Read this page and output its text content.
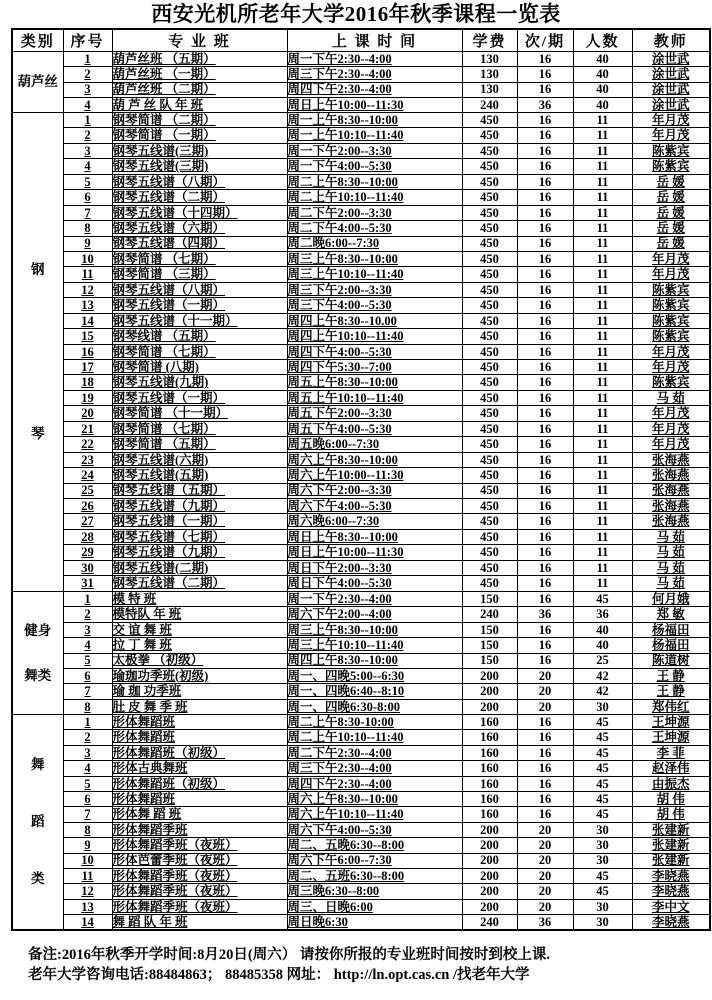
西安光机所老年大学2016年秋季课程一览表
类别	序号	专 业 班	上 课 时 间	学费	次/期	人数	教师

葫芦丝	1	葫芦丝班 （五期）	周一下午2:30--4:00	130	16	40	涂世武
	2	葫芦丝班 （一期）	周三下午2:30--4:00	130	16	40	涂世武
	3	葫芦丝班 （二期）	周四下午2:30--4:00	130	16	40	涂世武
	4	葫 芦 丝 队 年 班	周日上午10:00--11:30	240	36	40	涂世武

钢
琴	1	钢琴简谱 （二期）	周一上午8:30--10:00	450	16	11	年月茂
	2	钢琴简谱 （一期）	周一上午10:10--11:40	450	16	11	年月茂
	3	钢琴五线谱(三期)	周一下午2:00--3:30	450	16	11	陈紫宾
	4	钢琴五线谱(三期)	周一下午4:00--5:30	450	16	11	陈紫宾
	5	钢琴五线谱（八期）	周二上午8:30--10:00	450	16	11	岳 媛
	6	钢琴五线谱（二期）	周二上午10:10--11:40	450	16	11	岳 媛
	7	钢琴五线谱（十四期）	周二下午2:00--3:30	450	16	11	岳 媛
	8	钢琴五线谱（六期）	周二下午4:00--5:30	450	16	11	岳 媛
	9	钢琴五线谱（四期）	周二晚6:00--7:30	450	16	11	岳 媛
	10	钢琴简谱 （七期）	周三上午8:30--10:00	450	16	11	年月茂
	11	钢琴简谱 （三期）	周三上午10:10--11:40	450	16	11	年月茂
	12	钢琴五线谱（八期）	周三下午2:00--3:30	450	16	11	陈紫宾
	13	钢琴五线谱（一期）	周三下午4:00--5:30	450	16	11	陈紫宾
	14	钢琴五线谱（十一期）	周四上午8:30--10.00	450	16	11	陈紫宾
	15	钢琴线谱 （五期）	周四上午10:10--11:40	450	16	11	陈紫宾
	16	钢琴简谱 （七期）	周四下午4:00--5:30	450	16	11	年月茂
	17	钢琴简谱 (八期)	周四下午5:30--7:00	450	16	11	年月茂
	18	钢琴五线谱(九期)	周五上午8:30--10:00	450	16	11	陈紫宾
	19	钢琴五线谱（一期）	周五上午10:10--11:40	450	16	11	马 茹
	20	钢琴简谱 （十一期）	周五下午2:00--3:30	450	16	11	年月茂
	21	钢琴简谱 （七期）	周五下午4:00--5:30	450	16	11	年月茂
	22	钢琴简谱 （五期）	周五晚6:00--7:30	450	16	11	年月茂
	23	钢琴五线谱(六期)	周六上午8:30--10:00	450	16	11	张海燕
	24	钢琴五线谱(五期)	周六上午10:00--11:30	450	16	11	张海燕
	25	钢琴五线谱（五期）	周六下午2:00--3:30	450	16	11	张海燕
	26	钢琴五线谱（九期）	周六下午4:00--5:30	450	16	11	张海燕
	27	钢琴五线谱（一期）	周六晚6:00--7:30	450	16	11	张海燕
	28	钢琴五线谱（七期）	周日上午8:30--10:00	450	16	11	马 茹
	29	钢琴五线谱（九期）	周日上午10:00--11:30	450	16	11	马 茹
	30	钢琴五线谱(二期)	周日下午2:00--3:30	450	16	11	马 茹
	31	钢琴五线谱（二期）	周日下午4:00--5:30	450	16	11	马 茹

健身
舞类	1	模 特 班	周一下午2:30--4:00	150	16	45	何月娥
	2	模特队 年 班	周六下午2:00--4:00	240	36	36	郑 敏
	3	交 谊 舞 班	周三上午8:30--10:00	150	16	40	杨福田
	4	拉 丁 舞 班	周三上午10:10--11:40	150	16	40	杨福田
	5	太极拳 （初级）	周四上午8:30--10:00	150	16	25	陈道树
	6	瑜珈功季班(初级)	周一、四晚5:00--6:30	200	20	42	王 静
	7	瑜 珈 功季班	周一、四晚6:40--8:10	200	20	42	王 静
	8	肚 皮 舞 季 班	周一、四晚6:30-8:00	200	20	30	郑伟红

舞
蹈
类	1	形体舞蹈班	周二上午8:30-10:00	160	16	45	王坤源
	2	形体舞蹈班	周二上午10:10--11:40	160	16	45	王坤源
	3	形体舞蹈班（初级）	周二下午2:30--4:00	160	16	45	李 菲
	4	形体古典舞班	周三下午2:30--4:00	160	16	45	赵泽伟
	5	形体舞蹈班（初级）	周四下午2:30--4:00	160	16	45	由振杰
	6	形体舞蹈班	周六上午8:30--10:00	160	16	45	胡 伟
	7	形体舞 蹈 班	周六上午10:10--11:40	160	16	45	胡 伟
	8	形体舞蹈季班	周六下午4:00--5:30	200	20	30	张建新
	9	形体舞蹈季班（夜班）	周二、五晚6:30--8:00	200	20	30	张建新
	10	形体芭蕾季班（夜班）	周六下午6:00--7:30	200	20	30	张建新
	11	形体舞蹈季班（夜班）	周二、五班6:30--8:00	200	20	45	李晓燕
	12	形体舞蹈季班（夜班）	周三晚6:30--8:00	200	20	45	李晓燕
	13	形体舞蹈季班（夜班）	周三、日晚6:00	200	20	30	李中文
	14	舞 蹈 队 年 班	周日晚6:30	240	36	30	李晓燕
备注:2016年秋季开学时间:8月20日(周六） 请按你所报的专业班时间按时到校上课.
老年大学咨询电话:88484863； 88485358 网址： http://ln.opt.cas.cn /找老年大学
